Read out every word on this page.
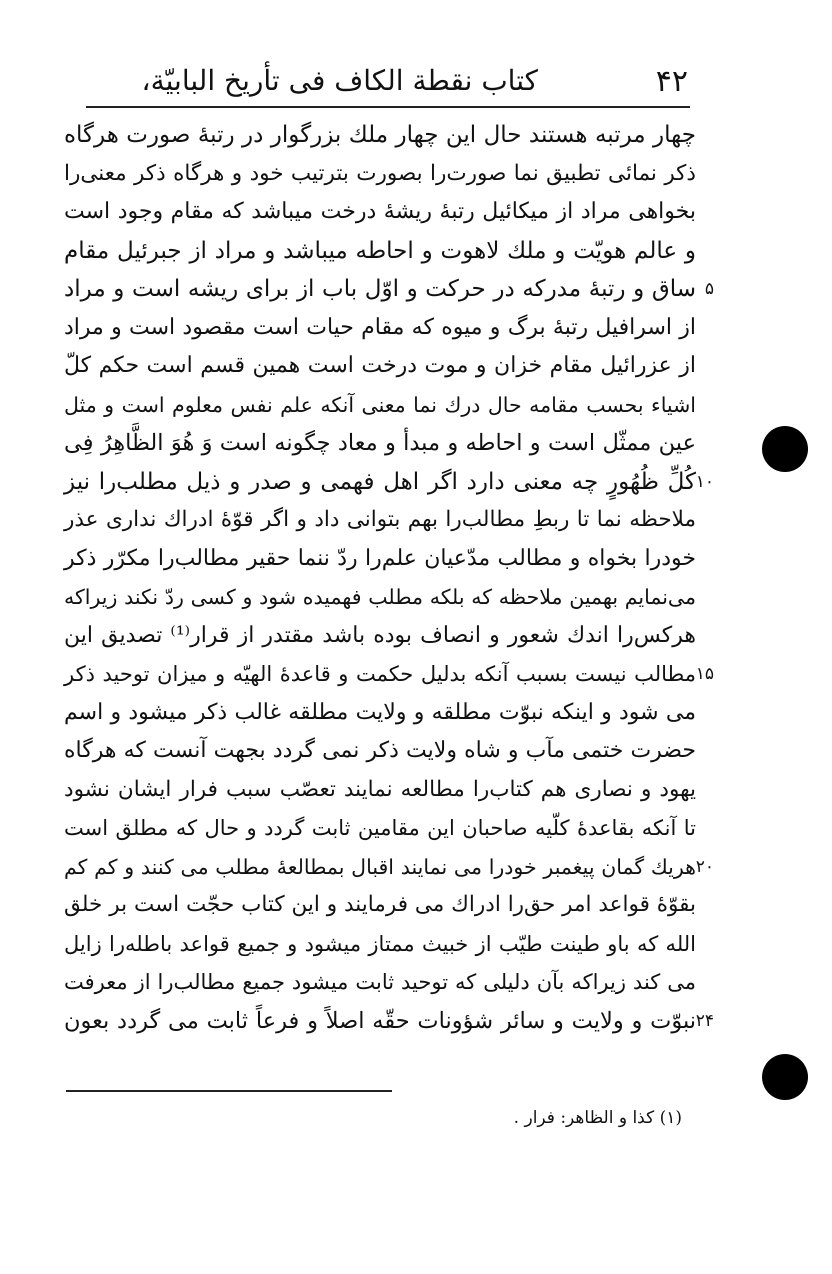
۴۲
کتاب نقطة الکاف فی تأریخ البابیّة،
چهار مرتبه هستند حال این چهار ملك بزرگوار در رتبهٔ صورت هرگاه
ذکر نمائی تطبیق نما صورت‌را بصورت بترتیب خود و هرگاه ذکر معنی‌را
بخواهی مراد از میکائیل رتبهٔ ریشهٔ درخت میباشد که مقام وجود است
و عالم هویّت و ملك لاهوت و احاطه میباشد و مراد از جبرئیل مقام
۵
ساق و رتبهٔ مدرکه در حرکت و اوّل باب از برای ریشه است و مراد
از اسرافیل رتبهٔ برگ و میوه که مقام حیات است مقصود است و مراد
از عزرائیل مقام خزان و موت درخت است همین قسم است حکم کلّ
اشیاء بحسب مقامه حال درك نما معنی آنکه علم نفس معلوم است و مثل
عین ممثّل است و احاطه و مبدأ و معاد چگونه است وَ هُوَ الظَّاهِرُ فِی
۱۰
کُلِّ ظُهُورٍ چه معنی دارد اگر اهل فهمی و صدر و ذیل مطلب‌را نیز
ملاحظه نما تا ربطِ مطالب‌را بهم بتوانی داد و اگر قوّهٔ ادراك نداری عذر
خودرا بخواه و مطالب مدّعیان علم‌را ردّ ننما حقیر مطالب‌را مکرّر ذکر
می‌نمایم بهمین ملاحظه که بلکه مطلب فهمیده شود و کسی ردّ نکند زیراکه
هرکس‌را اندك شعور و انصاف بوده باشد مقتدر از قرار⁽¹⁾ تصدیق این
۱۵
مطالب نیست بسبب آنکه بدلیل حکمت و قاعدهٔ الهیّه و میزان توحید ذکر
می شود و اینکه نبوّت مطلقه و ولایت مطلقه غالب ذکر میشود و اسم
حضرت ختمی مآب و شاه ولایت ذکر نمی گردد بجهت آنست که هرگاه
یهود و نصاری هم کتاب‌را مطالعه نمایند تعصّب سبب فرار ایشان نشود
تا آنکه بقاعدهٔ کلّیه صاحبان این مقامین ثابت گردد و حال که مطلق است
۲۰
هریك گمان پیغمبر خودرا می نمایند اقبال بمطالعهٔ مطلب می کنند و کم کم
بقوّهٔ قواعد امر حق‌را ادراك می فرمایند و این کتاب حجّت است بر خلق
الله که باو طینت طیّب از خبیث ممتاز میشود و جمیع قواعد باطله‌را زایل
می کند زیراکه بآن دلیلی که توحید ثابت میشود جمیع مطالب‌را از معرفت
۲۴
نبوّت و ولایت و سائر شؤونات حقّه اصلاً و فرعاً ثابت می گردد بعون
(۱) کذا و الظاهر: فرار .
